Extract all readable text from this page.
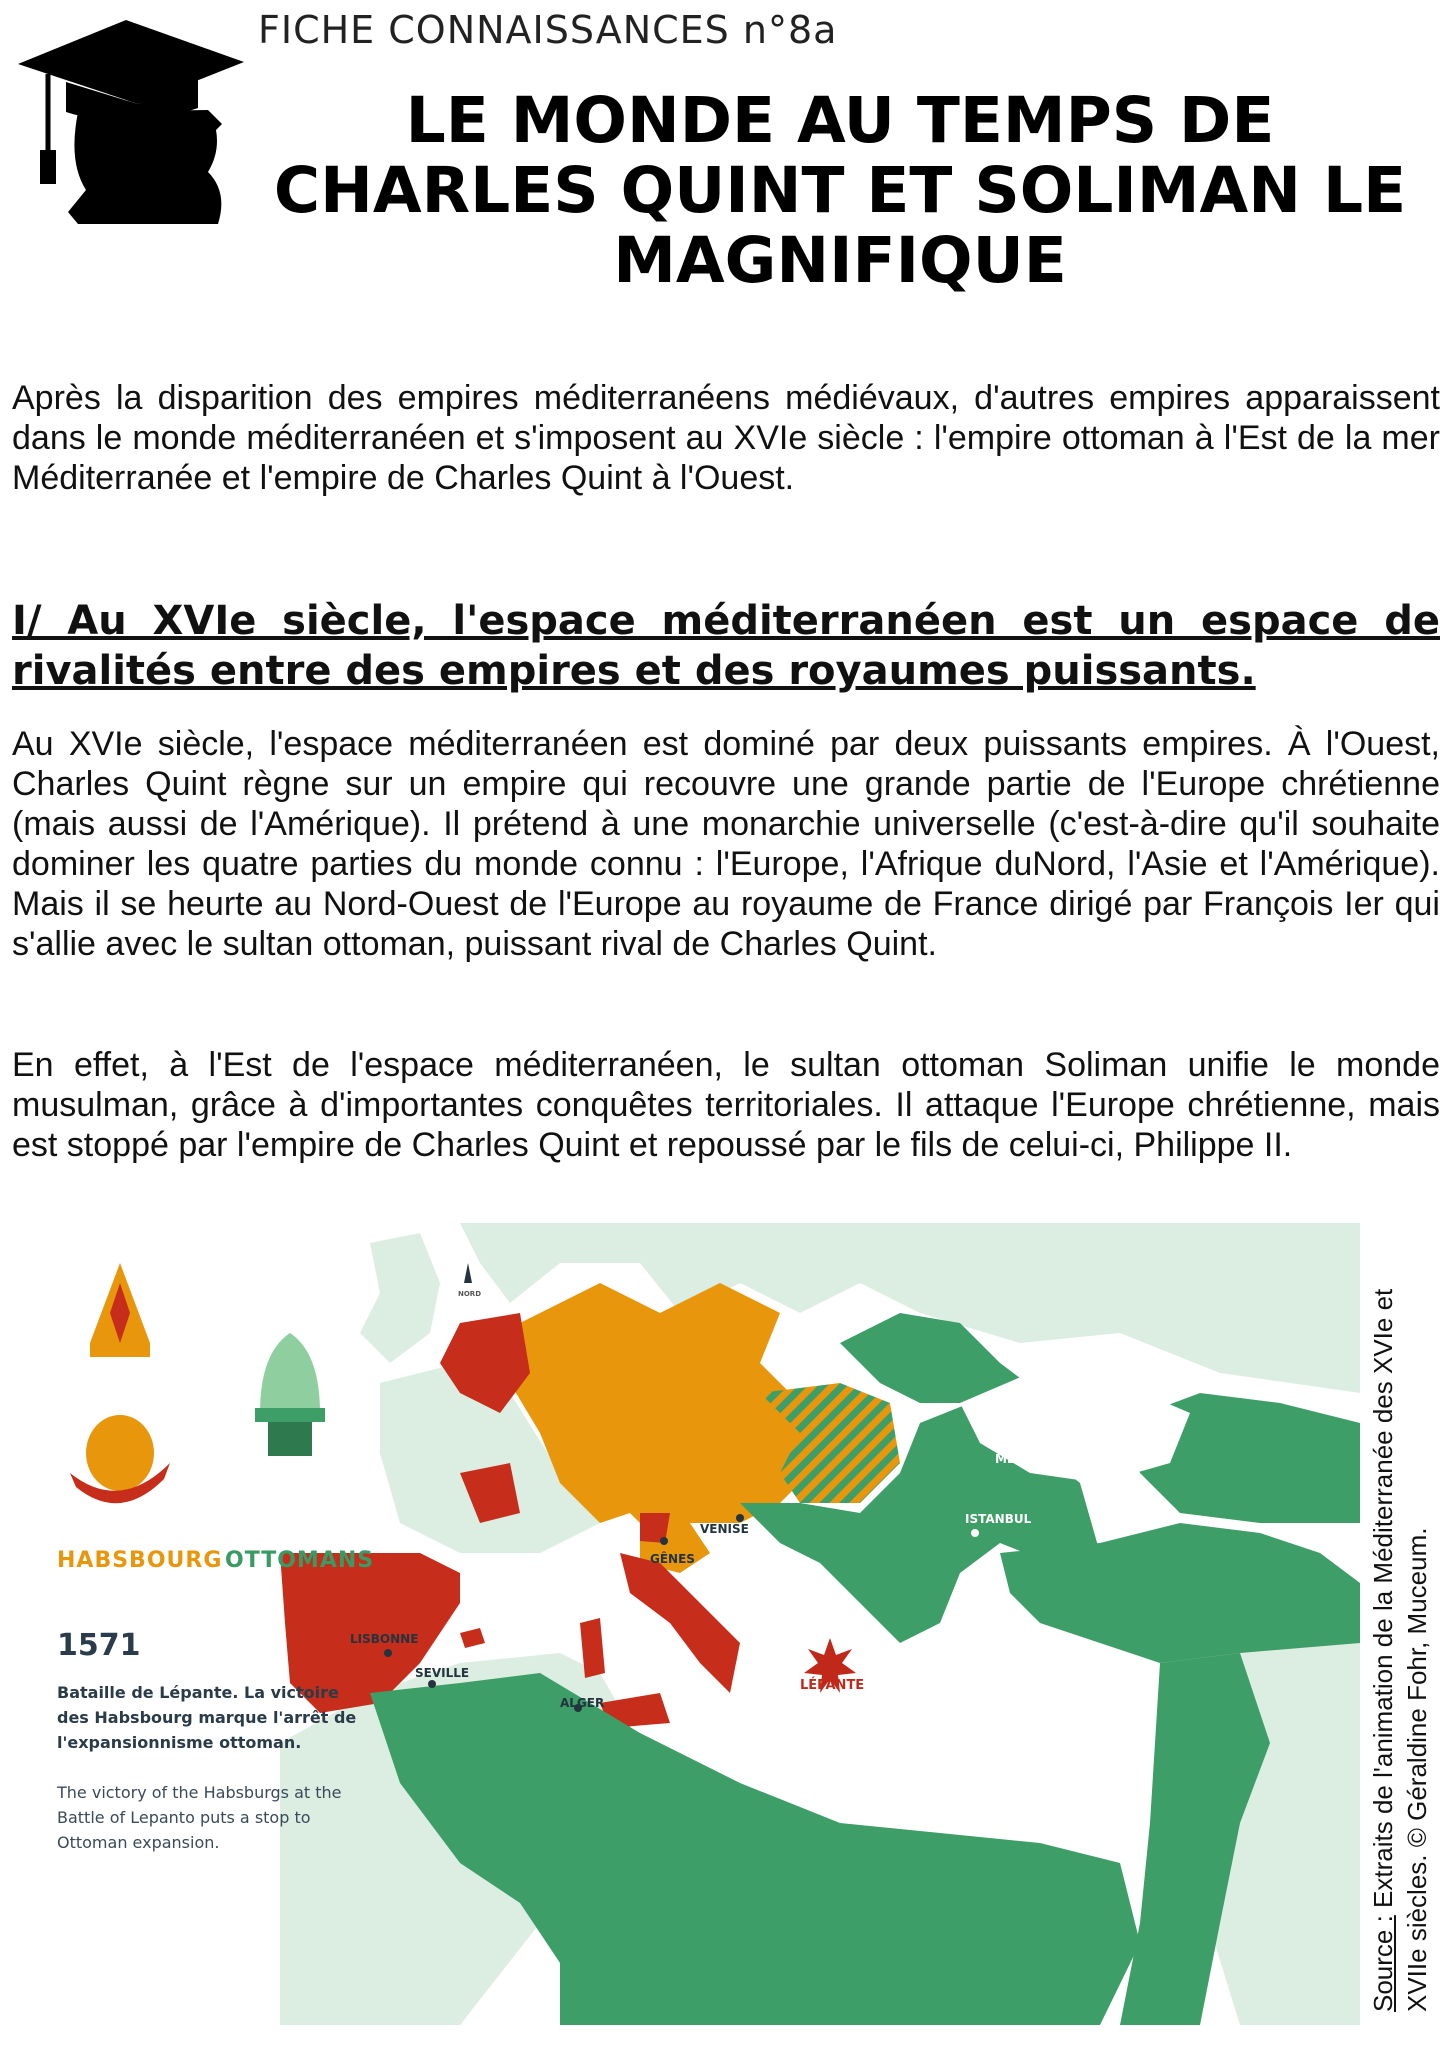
FICHE CONNAISSANCES n°8a
LE MONDE AU TEMPS DE
CHARLES QUINT ET SOLIMAN LE
MAGNIFIQUE
Après la disparition des empires méditerranéens médiévaux, d'autres empires apparaissent dans le monde méditerranéen et s'imposent au XVIe siècle : l'empire ottoman à l'Est de la mer Méditerranée et l'empire de Charles Quint à l'Ouest.
I/ Au XVIe siècle, l'espace méditerranéen est un espace de rivalités entre des empires et des royaumes puissants.
Au XVIe siècle, l'espace méditerranéen est dominé par deux puissants empires. À l'Ouest, Charles Quint règne sur un empire qui recouvre une grande partie de l'Europe chrétienne (mais aussi de l'Amérique). Il prétend à une monarchie universelle (c'est-à-dire qu'il souhaite dominer les quatre parties du monde connu : l'Europe, l'Afrique duNord, l'Asie et l'Amérique). Mais il se heurte au Nord-Ouest de l'Europe au royaume de France dirigé par François Ier qui s'allie avec le sultan ottoman, puissant rival de Charles Quint.
En effet, à l'Est de l'espace méditerranéen, le sultan ottoman Soliman unifie le monde musulman, grâce à d'importantes conquêtes territoriales. Il attaque l'Europe chrétienne, mais est stoppé par l'empire de Charles Quint et repoussé par le fils de celui-ci, Philippe II.
HABSBOURG OTTOMANS
1571
Bataille de Lépante. La victoire des Habsbourg marque l'arrêt de l'expansionnisme ottoman.
The victory of the Habsburgs at the Battle of Lepanto puts a stop to Ottoman expansion.
NORD
MER NOIRE
ISTANBUL
VENISE
GÊNES
LISBONNE
SEVILLE
ALGER
LÉPANTE
Source : Extraits de l'animation de la Méditerranée des XVIe et XVIIe siècles. © Géraldine Fohr, Muceum.
